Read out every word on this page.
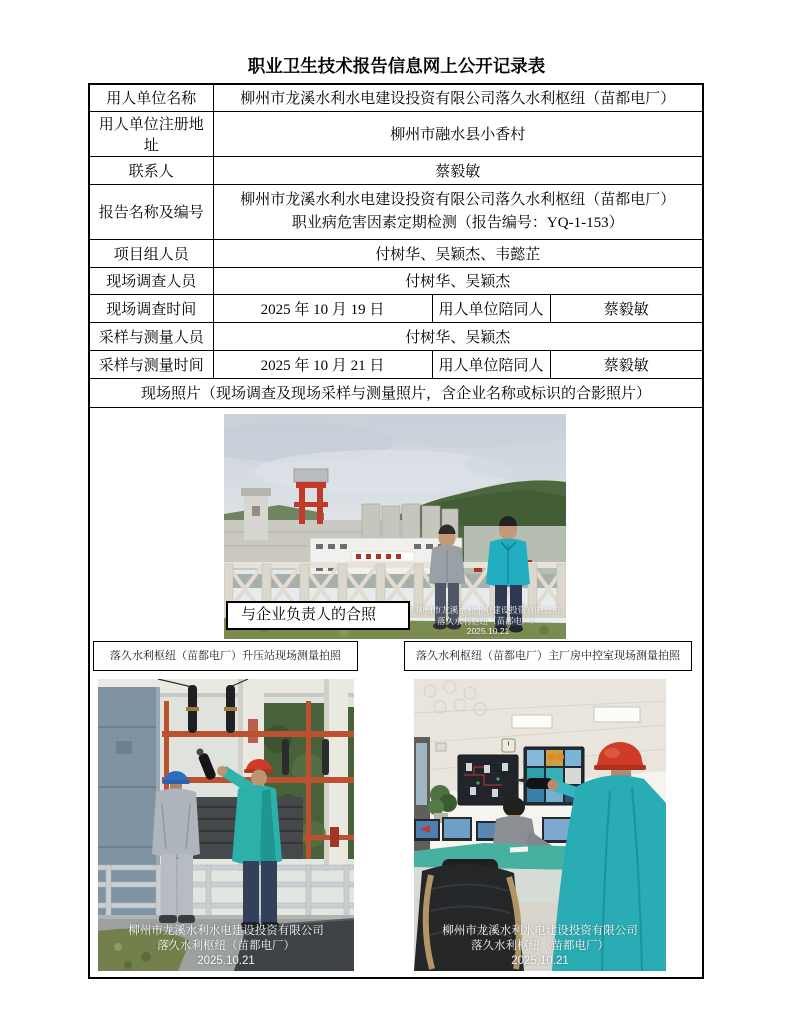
职业卫生技术报告信息网上公开记录表
用人单位名称	柳州市龙溪水利水电建设投资有限公司落久水利枢纽（苗都电厂）		
用人单位注册地址	柳州市融水县小香村		
联系人	蔡毅敏		
报告名称及编号	柳州市龙溪水利水电建设投资有限公司落久水利枢纽（苗都电厂）
职业病危害因素定期检测（报告编号：YQ-1-153）		

项目组人员	付树华、吴颖杰、韦懿芷		
现场调查人员	付树华、吴颖杰		
现场调查时间	2025 年 10 月 19 日	用人单位陪同人	蔡毅敏
采样与测量人员	付树华、吴颖杰		
采样与测量时间	2025 年 10 月 21 日	用人单位陪同人	蔡毅敏
现场照片（现场调查及现场采样与测量照片，含企业名称或标识的合影照片）			

与企业负责人的合照	柳州市龙溪水利水电建设投资有限公司
落久水利枢纽（苗都电厂）
2025.10.21
落久水利枢纽（苗都电厂）升压站现场测量拍照	落久水利枢纽（苗都电厂）主厂房中控室现场测量拍照
柳州市龙溪水利水电建设投资有限公司
落久水利枢纽（苗都电厂）
2025.10.21
柳州市龙溪水利水电建设投资有限公司
落久水利枢纽（苗都电厂）
2025.10.21
